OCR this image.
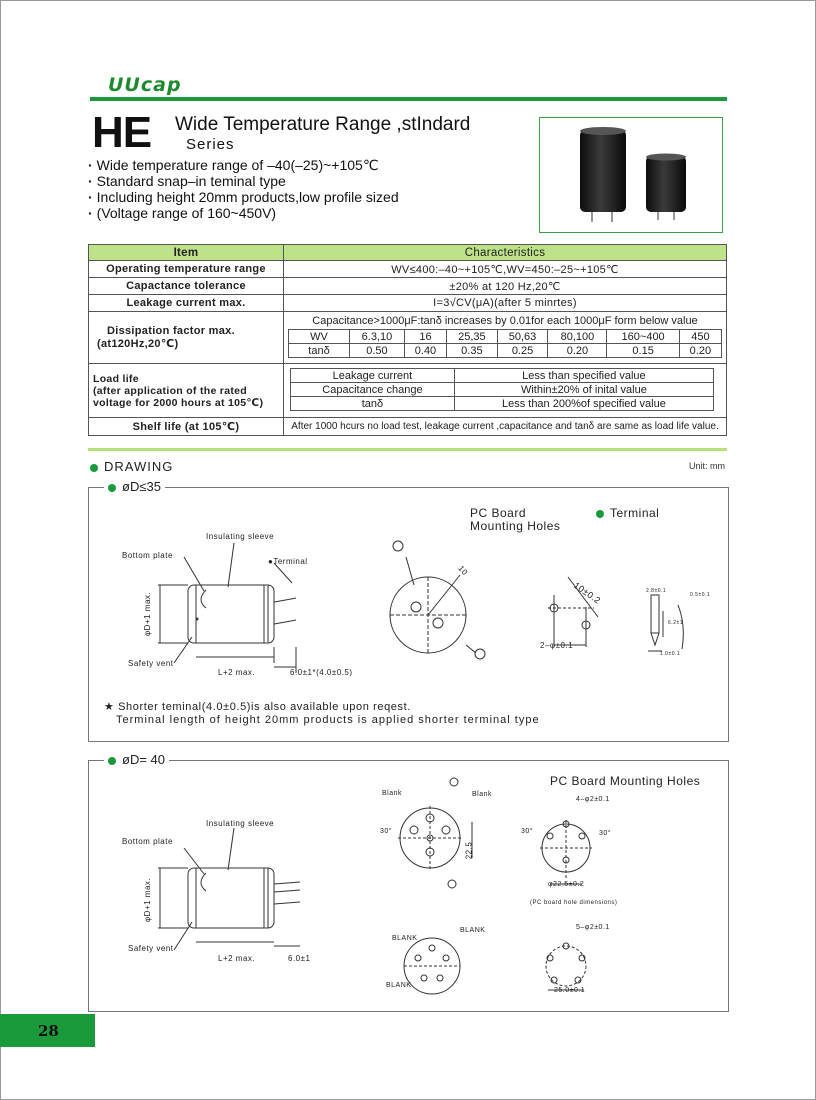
UUcap
HE Wide Temperature Range ,stIndard
Series
· Wide temperature range of –40(–25)~+105℃
· Standard snap–in teminal type
· Including height 20mm products,low profile sized
· (Voltage range of 160~450V)
Item	Characteristics
Operating temperature range	WV≤400:–40~+105℃,WV=450:–25~+105℃
Capactance tolerance	±20% at 120 Hz,20℃
Leakage current max.	I=3√CV(μA)(after 5 minrtes)

Dissipation factor max.
(at120Hz,20℃)

Capacitance>1000μF:tanδ increases by 0.01for each 1000μF form below value
WV	6.3,10	16	25,35	50,63	80,100	160~400	450
tanδ	0.50	0.40	0.35	0.25	0.20	0.15	0.20

Load life
(after application of the rated
voltage for 2000 hours at 105℃)

Leakage current	Less than specified value
Capacitance change	Within±20% of inital value
tanδ	Less than 200%of specified value

Shelf life (at 105℃)	After 1000 hcurs no load test, leakage current ,capacitance and tanδ are same as load life value.
DRAWING	Unit: mm
øD≤35
Insulating sleeve
Bottom plate
●Terminal
Safety vent
φD+1 max.
L+2 max.	6.0±1*(4.0±0.5)
PC Board
Mounting Holes
Terminal
10
10±0.2
2–φ±0.1
2.8±0.1
0.5±0.1
6.2±1
1.0±0.1
★ Shorter teminal(4.0±0.5)is also available upon reqest.
Terminal length of height 20mm products is applied shorter terminal type
øD= 40
Insulating sleeve
Bottom plate
Safety vent
φD+1 max.
L+2 max.	6.0±1
Blank	Blank
30°
22.5
PC Board Mounting Holes
4–φ2±0.1
30°	30°
φ22.5±0.2
(PC board hole dimensions)
BLANK
BLANK
BLANK
5–φ2±0.1
25.0±0.1
28
